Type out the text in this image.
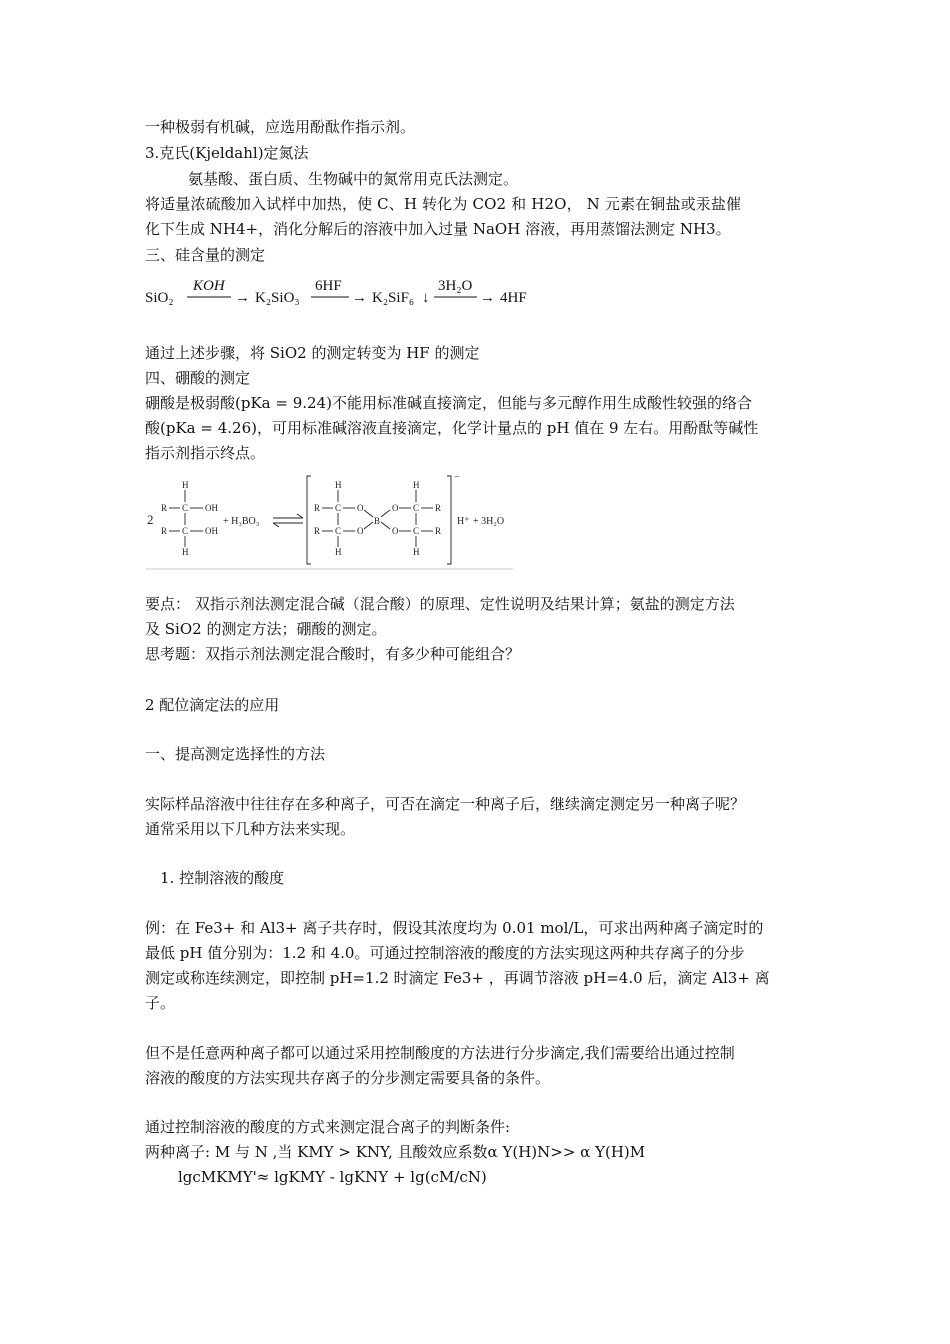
一种极弱有机碱，应选用酚酞作指示剂。
3.克氏(Kjeldahl)定氮法
氨基酸、蛋白质、生物碱中的氮常用克氏法测定。
将适量浓硫酸加入试样中加热，使 C、H 转化为 CO2 和 H2O， N 元素在铜盐或汞盐催
化下生成 NH4+，消化分解后的溶液中加入过量 NaOH 溶液，再用蒸馏法测定 NH3。
三、硅含量的测定
SiO₂
KOH
→ K₂SiO₃
6HF
→ K₂SiF₆ ↓
3H₂O
→ 4HF
通过上述步骤，将 SiO2 的测定转变为 HF 的测定
四、硼酸的测定
硼酸是极弱酸(pKa = 9.24)不能用标准碱直接滴定，但能与多元醇作用生成酸性较强的络合
酸(pKa = 4.26)，可用标准碱溶液直接滴定，化学计量点的 pH 值在 9 左右。用酚酞等碱性
指示剂指示终点。
2
H
H
R
R
C
C
OH
OH
+ H₃BO₃
H
H
R
R
C
C
O
O
B
O
O
H
H
C
C
R
R
−
H⁺ + 3H₂O
要点： 双指示剂法测定混合碱（混合酸）的原理、定性说明及结果计算；氨盐的测定方法
及 SiO2 的测定方法；硼酸的测定。
思考题：双指示剂法测定混合酸时，有多少种可能组合？
2 配位滴定法的应用
一、提高测定选择性的方法
实际样品溶液中往往存在多种离子，可否在滴定一种离子后，继续滴定测定另一种离子呢？
通常采用以下几种方法来实现。
1. 控制溶液的酸度
例：在 Fe3+ 和 Al3+ 离子共存时，假设其浓度均为 0.01 mol/L，可求出两种离子滴定时的
最低 pH 值分别为：1.2 和 4.0。可通过控制溶液的酸度的方法实现这两种共存离子的分步
测定或称连续测定，即控制 pH=1.2 时滴定 Fe3+ ，再调节溶液 pH=4.0 后，滴定 Al3+ 离
子。
但不是任意两种离子都可以通过采用控制酸度的方法进行分步滴定,我们需要给出通过控制
溶液的酸度的方法实现共存离子的分步测定需要具备的条件。
通过控制溶液的酸度的方式来测定混合离子的判断条件:
两种离子: M 与 N ,当 KMY > KNY, 且酸效应系数α Y(H)N>> α Y(H)M
lgcMKMY'≈ lgKMY - lgKNY + lg(cM/cN)
